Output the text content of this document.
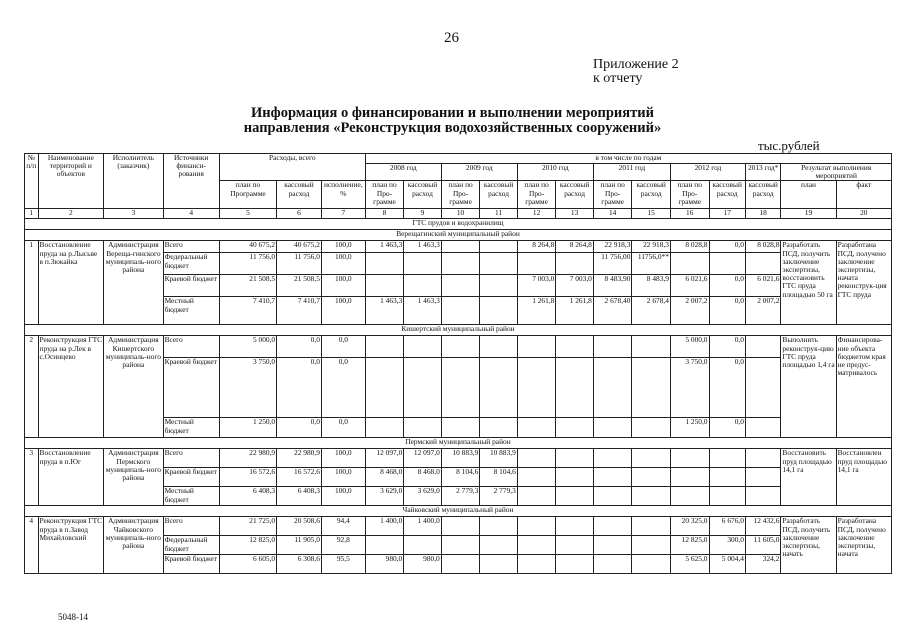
26
Приложение 2
к отчету
Информация о финансировании и выполнении мероприятий
направления «Реконструкция водохозяйственных сооружений»
тыс.рублей
№ п/п	Наименование территорий и объектов	Исполнитель (заказчик)	Источники финанси-рования	Расходы, всего			в том числе по годам												
							2008 год		2009 год		2010 год		2011 год		2012 год		2013 год*	Результат выполнения мероприятий	
				план по Программе	кассовый расход	исполнение, %	план по Про-грамме	кассовый расход	план по Про-грамме	кассовый расход	план по Про-грамме	кассовый расход	план по Про-грамме	кассовый расход	план по Про-грамме	кассовый расход	кассовый расход	план	факт
1	2	3	4	5	6	7	8	9	10	11	12	13	14	15	16	17	18	19	20
ГТС прудов и водохранилищ																			
Верещагинский муниципальный район																			
1	Восстановление пруда на р.Лысьве в п.Зюкайка	Администрация Вереща-гинского муниципаль-ного района	Всего	40 675,2	40 675,2	100,0	1 463,3	1 463,3			8 264,8	8 264,8	22 918,3	22 918,3	8 028,8	0,0	8 028,8	Разработать ПСД, получить заключение экспертизы, восстановить ГТС пруда площадью 50 га	Разработана ПСД, получено заключение экспертизы, начата реконструк-ция ГТС пруда
			Федеральный бюджет	11 756,0	11 756,0	100,0							11 756,00	11756,0**					
			Краевой бюджет	21 508,5	21 508,5	100,0					7 003,0	7 003,0	8 483,90	8 483,9	6 021,6	0,0	6 021,6		
			Местный бюджет	7 410,7	7 410,7	100,0	1 463,3	1 463,3			1 261,8	1 261,8	2 678,40	2 678,4	2 007,2	0,0	2 007,2		
Кишертский муниципальный район																			
2	Реконструкция ГТС пруда на р.Лек в с.Осинцево	Администрация Кишертского муниципаль-ного района	Всего	5 000,0	0,0	0,0									5 000,0	0,0		Выполнить реконструк-цию ГТС пруда площадью 1,4 га	Финансирова-ние объекта бюджетом края не предус-матривалось
			Краевой бюджет	3 750,0	0,0	0,0									3 750,0	0,0			
			Местный бюджет	1 250,0	0,0	0,0									1 250,0	0,0			
Пермский муниципальный район																			
3	Восстановление пруда в п.Юг	Администрация Пермского муниципаль-ного района	Всего	22 980,9	22 980,9	100,0	12 097,0	12 097,0	10 883,9	10 883,9								Восстановить пруд площадью 14,1 га	Восстановлен пруд площадью 14,1 га
			Краевой бюджет	16 572,6	16 572,6	100,0	8 468,0	8 468,0	8 104,6	8 104,6									
			Местный бюджет	6 408,3	6 408,3	100,0	3 629,0	3 629,0	2 779,3	2 779,3									
Чайковский муниципальный район																			
4	Реконструкция ГТС пруда в п.Завод Михайловский	Администрация Чайковского муниципаль-ного района	Всего	21 725,0	20 508,6	94,4	1 400,0	1 400,0							20 325,0	6 676,0	12 432,6	Разработать ПСД, получить заключение экспертизы, начать	Разработана ПСД, получено заключение экспертизы, начата
			Федеральный бюджет	12 825,0	11 905,0	92,8									12 825,0	300,0	11 605,0		
			Краевой бюджет	6 605,0	6 308,6	95,5	980,0	980,0							5 625,0	5 004,4	324,2		
5048-14
